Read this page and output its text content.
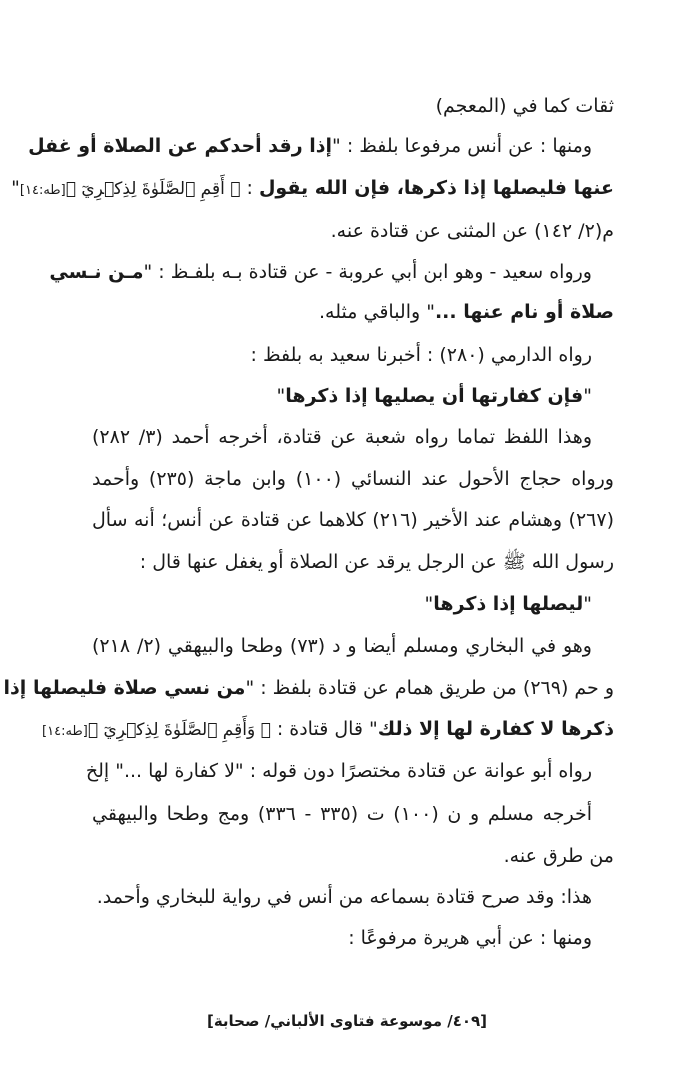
ثقات كما في (المعجم)
ومنها : عن أنس مرفوعا بلفظ : "إذا رقد أحدكم عن الصلاة أو غفل
عنها فليصلها إذا ذكرها، فإن الله يقول : ﴿ أَقِمِ ٱلصَّلَوٰةَ لِذِكۡرِيٓ ﴾[طه:١٤]"
م(٢/ ١٤٢) عن المثنى عن قتادة عنه.
ورواه سعيد - وهو ابن أبي عروبة - عن قتادة بـه بلفـظ : "مـن نـسي
صلاة أو نام عنها ..." والباقي مثله.
رواه الدارمي (٢٨٠) : أخبرنا سعيد به بلفظ :
"فإن كفارتها أن يصليها إذا ذكرها"
وهذا اللفظ تماما رواه شعبة عن قتادة، أخرجه أحمد (٣/ ٢٨٢)
ورواه حجاج الأحول عند النسائي (١٠٠) وابن ماجة (٢٣٥) وأحمد
(٢٦٧) وهشام عند الأخير (٢١٦) كلاهما عن قتادة عن أنس؛ أنه سأل
رسول الله ﷺ عن الرجل يرقد عن الصلاة أو يغفل عنها قال :
"ليصلها إذا ذكرها"
وهو في البخاري ومسلم أيضا و د (٧٣) وطحا والبيهقي (٢/ ٢١٨)
و حم (٢٦٩) من طريق همام عن قتادة بلفظ : "من نسي صلاة فليصلها إذا
ذكرها لا كفارة لها إلا ذلك" قال قتادة : ﴿ وَأَقِمِ ٱلصَّلَوٰةَ لِذِكۡرِيٓ ﴾[طه:١٤]
رواه أبو عوانة عن قتادة مختصرًا دون قوله : "لا كفارة لها ..." إلخ
أخرجه مسلم و ن (١٠٠) ت (٣٣٥ - ٣٣٦) ومج وطحا والبيهقي
من طرق عنه.
هذا: وقد صرح قتادة بسماعه من أنس في رواية للبخاري وأحمد.
ومنها : عن أبي هريرة مرفوعًا :
[٤٠٩/ موسوعة فتاوى الألباني/ صحابة]
